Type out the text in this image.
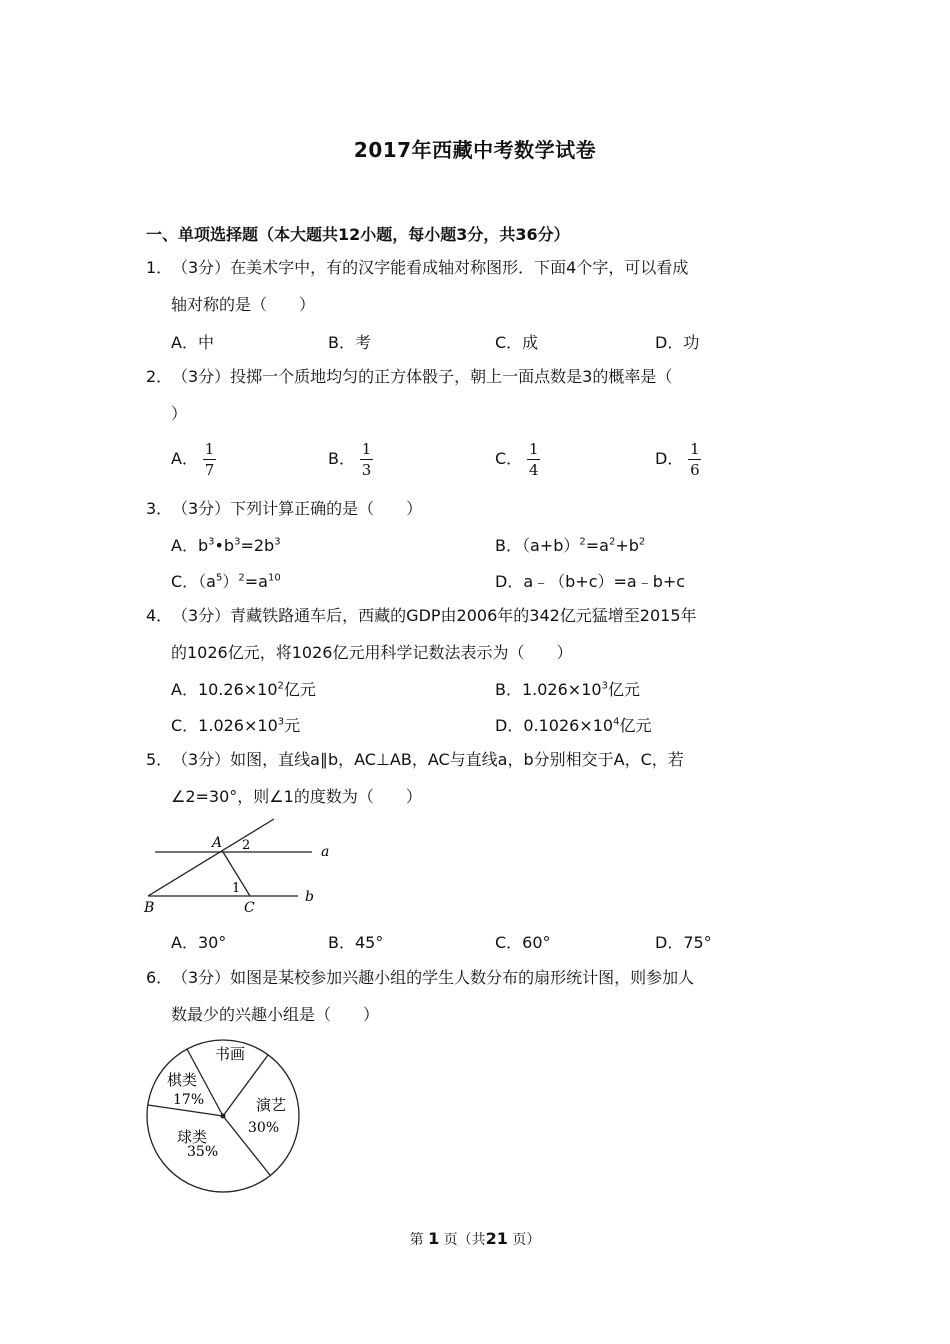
2017年西藏中考数学试卷
一、单项选择题（本大题共12小题，每小题3分，共36分）
1．（3分）在美术字中，有的汉字能看成轴对称图形．下面4个字，可以看成
轴对称的是（　　）
A．中	B．考	C．成	D．功
2．（3分）投掷一个质地均匀的正方体骰子，朝上一面点数是3的概率是（
）
A． $\frac{1}{7}$	B． $\frac{1}{3}$	C． $\frac{1}{4}$	D． $\frac{1}{6}$
3．（3分）下列计算正确的是（　　）
A．$b^3•b^3=2b^3$	B．$(a+b)^2=a^2+b^2$
C．$(a^5)^2=a^{10}$	D．a﹣（b+c）=a﹣b+c
4．（3分）青藏铁路通车后，西藏的GDP由2006年的342亿元猛增至2015年
的1026亿元，将1026亿元用科学记数法表示为（　　）
A．$10.26\times 10^2$亿元	B．$1.026\times 10^3$亿元
C．$1.026\times 10^3$元	D．$0.1026\times 10^4$亿元
5．（3分）如图，直线a∥b，AC⊥AB，AC与直线a，b分别相交于A，C，若
∠2=30°，则∠1的度数为（　　）
A 2	a
1
b
B	C
A．30°	B．45°	C．60°	D．75°
6．（3分）如图是某校参加兴趣小组的学生人数分布的扇形统计图，则参加人
数最少的兴趣小组是（　　）
书画
演艺
30%
球类
35%
棋类
17%
第 1 页（共21 页）
